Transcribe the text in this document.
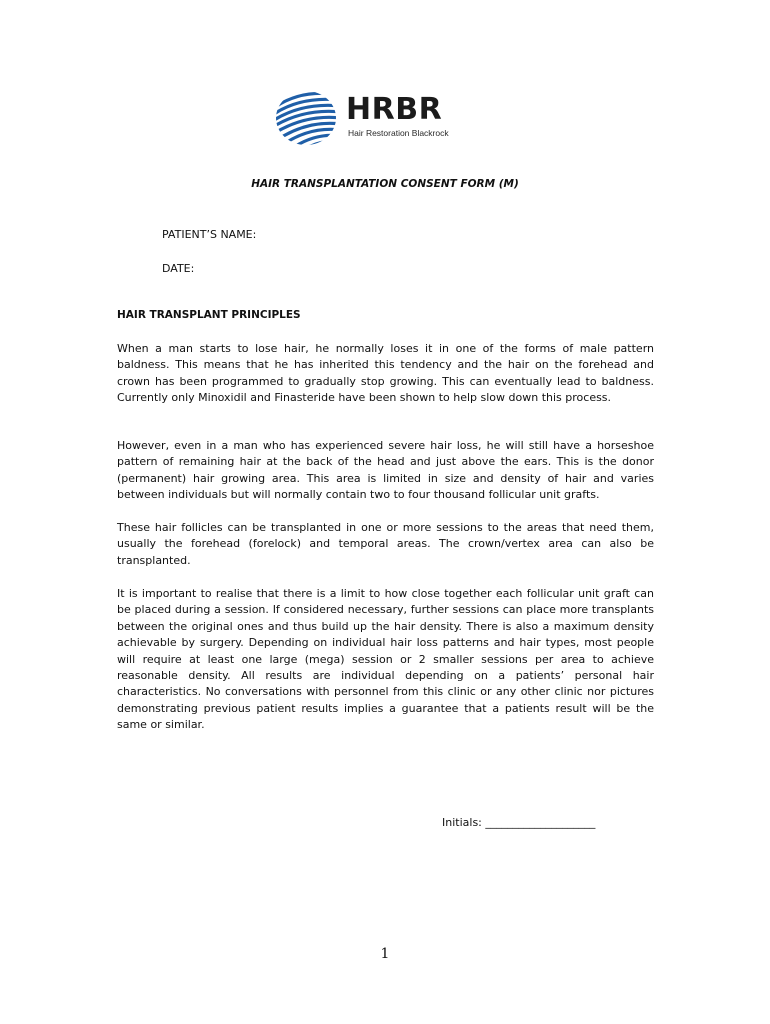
HRBR
Hair Restoration Blackrock
HAIR TRANSPLANTATION CONSENT FORM (M)
PATIENT’S NAME:
DATE:
HAIR TRANSPLANT PRINCIPLES

When a man starts to lose hair, he normally loses it in one of the forms of male pattern baldness. This means that he has inherited this tendency and the hair on the forehead and crown has been programmed to gradually stop growing. This can eventually lead to baldness. Currently only Minoxidil and Finasteride have been shown to help slow down this process.

However, even in a man who has experienced severe hair loss, he will still have a horseshoe pattern of remaining hair at the back of the head and just above the ears. This is the donor (permanent) hair growing area. This area is limited in size and density of hair and varies between individuals but will normally contain two to four thousand follicular unit grafts.

These hair follicles can be transplanted in one or more sessions to the areas that need them, usually the forehead (forelock) and temporal areas. The crown/vertex area can also be transplanted.

It is important to realise that there is a limit to how close together each follicular unit graft can be placed during a session. If considered necessary, further sessions can place more transplants between the original ones and thus build up the hair density. There is also a maximum density achievable by surgery. Depending on individual hair loss patterns and hair types, most people will require at least one large (mega) session or 2 smaller sessions per area to achieve reasonable density. All results are individual depending on a patients’ personal hair characteristics. No conversations with personnel from this clinic or any other clinic nor pictures demonstrating previous patient results implies a guarantee that a patients result will be the same or similar.

Initials: ____________________
1
